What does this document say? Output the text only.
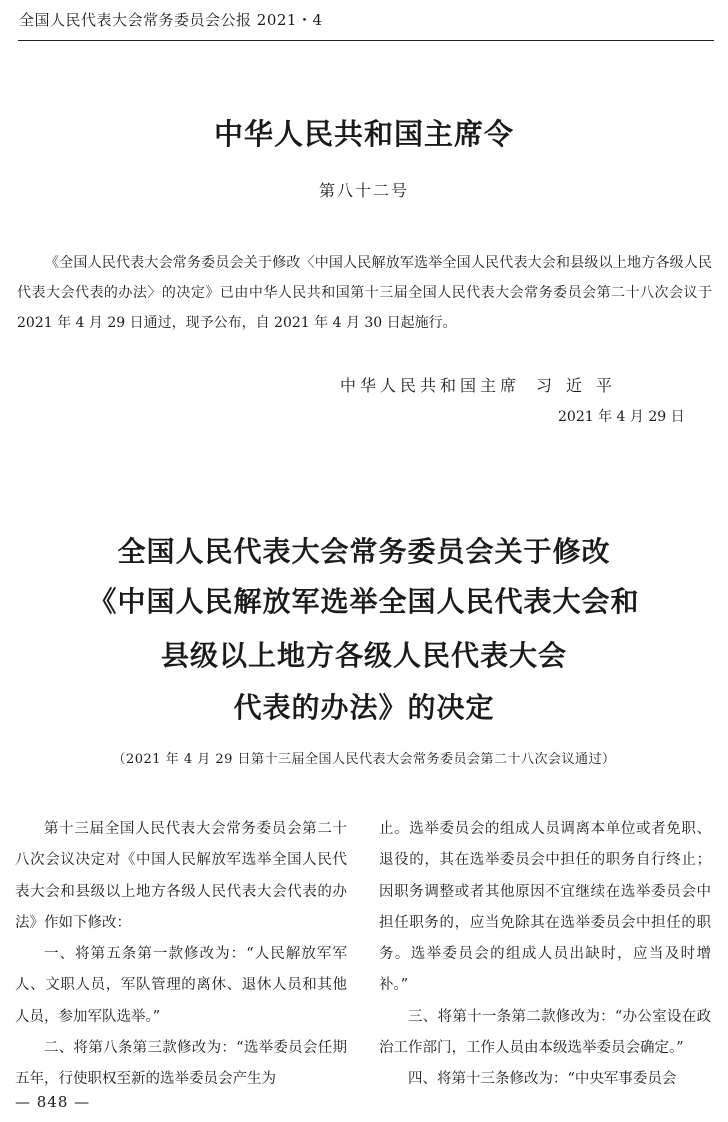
全国人民代表大会常务委员会公报 2021・4
中华人民共和国主席令
第八十二号
《全国人民代表大会常务委员会关于修改〈中国人民解放军选举全国人民代表大会和县级以上地方各级人民代表大会代表的办法〉的决定》已由中华人民共和国第十三届全国人民代表大会常务委员会第二十八次会议于 2021 年 4 月 29 日通过，现予公布，自 2021 年 4 月 30 日起施行。
中华人民共和国主席 习近平
2021 年 4 月 29 日
全国人民代表大会常务委员会关于修改
《中国人民解放军选举全国人民代表大会和
县级以上地方各级人民代表大会
代表的办法》的决定
（2021 年 4 月 29 日第十三届全国人民代表大会常务委员会第二十八次会议通过）

第十三届全国人民代表大会常务委员会第二十八次会议决定对《中国人民解放军选举全国人民代表大会和县级以上地方各级人民代表大会代表的办法》作如下修改：

一、将第五条第一款修改为：“人民解放军军人、文职人员，军队管理的离休、退休人员和其他人员，参加军队选举。”

二、将第八条第三款修改为：“选举委员会任期五年，行使职权至新的选举委员会产生为

止。选举委员会的组成人员调离本单位或者免职、退役的，其在选举委员会中担任的职务自行终止；因职务调整或者其他原因不宜继续在选举委员会中担任职务的，应当免除其在选举委员会中担任的职务。选举委员会的组成人员出缺时，应当及时增补。”

三、将第十一条第二款修改为：“办公室设在政治工作部门，工作人员由本级选举委员会确定。”

四、将第十三条修改为：“中央军事委员会

— 848 —
